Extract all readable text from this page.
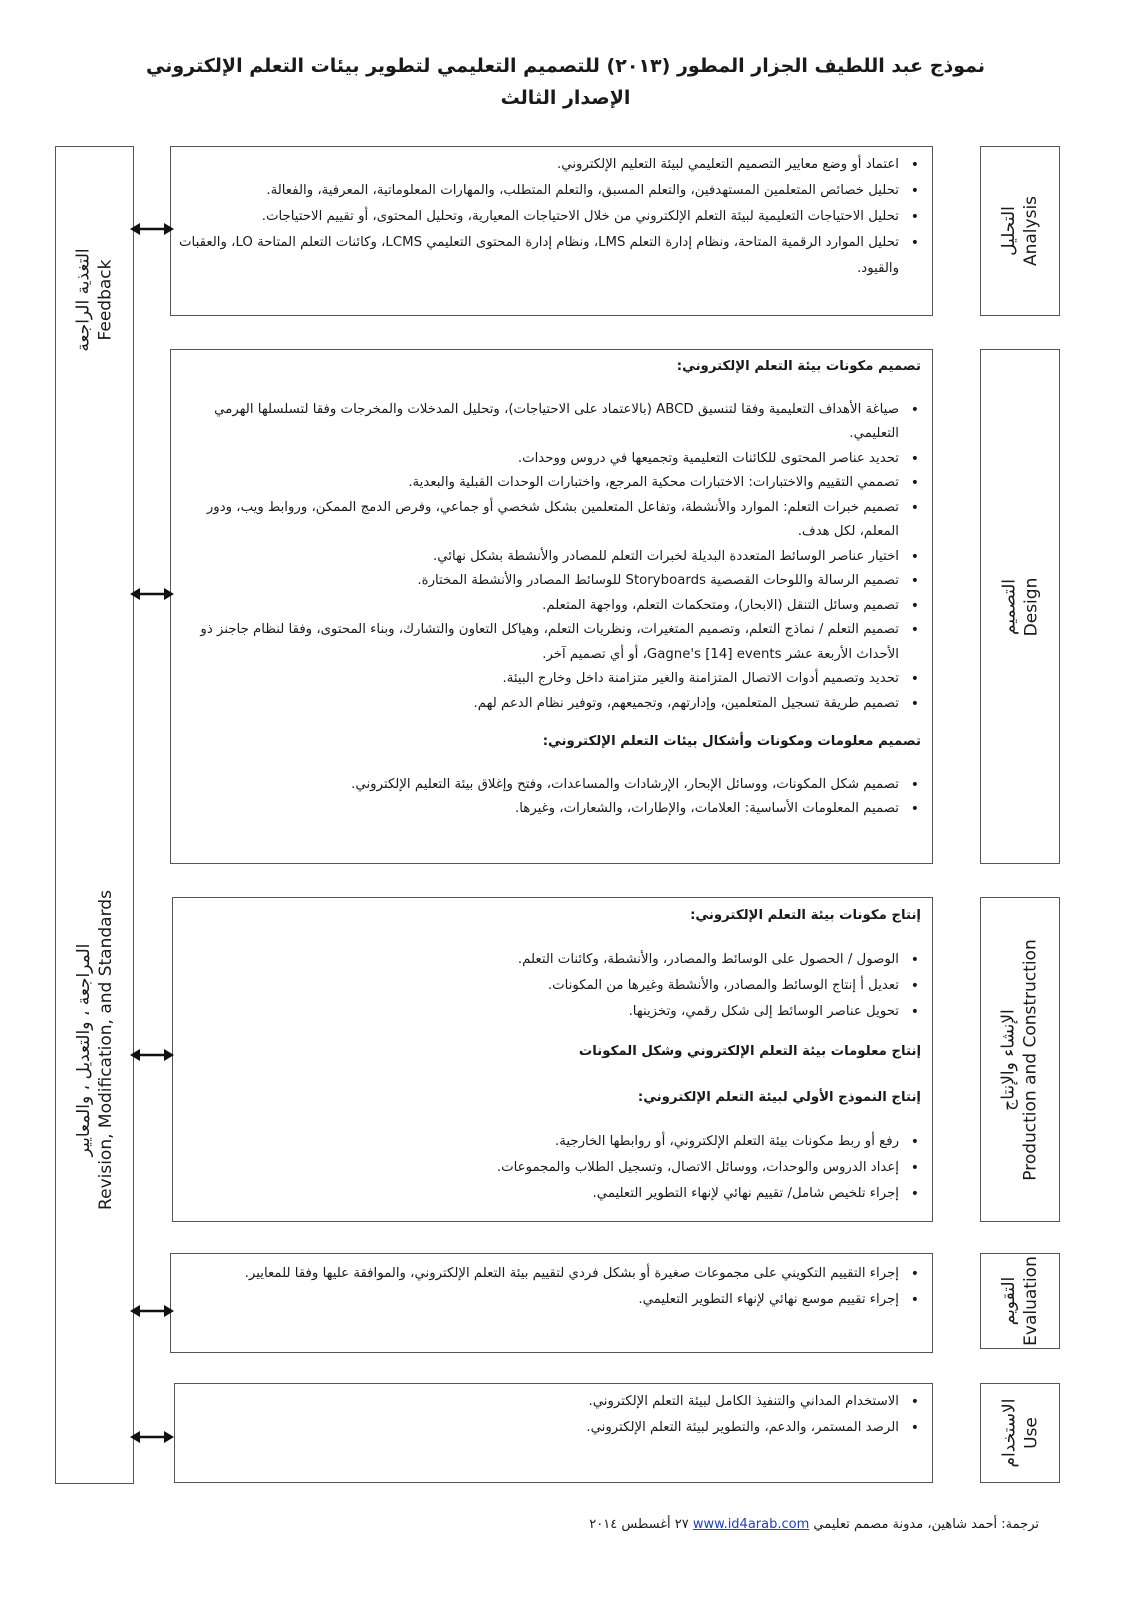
نموذج عبد اللطيف الجزار المطور (٢٠١٣) للتصميم التعليمي لتطوير بيئات التعلم الإلكتروني
الإصدار الثالث
التغذية الراجعة Feedback
المراجعة ، والتعديل ، والمعايير Revision, Modification, and Standards
• اعتماد أو وضع معايير التصميم التعليمي لبيئة التعليم الإلكتروني.
• تحليل خصائص المتعلمين المستهدفين، والتعلم المسبق، والتعلم المتطلب، والمهارات المعلوماتية، المعرفية، والفعالة.
• تحليل الاحتياجات التعليمية لبيئة التعلم الإلكتروني من خلال الاحتياجات المعيارية، وتحليل المحتوى، أو تقييم الاحتياجات.
• تحليل الموارد الرقمية المتاحة، ونظام إدارة التعلم LMS، ونظام إدارة المحتوى التعليمي LCMS، وكائنات التعلم المتاحة LO، والعقبات والقيود.
التحليل Analysis

تصميم مكونات بيئة التعلم الإلكتروني:

• صياغة الأهداف التعليمية وفقا لتنسيق ABCD (بالاعتماد على الاحتياجات)، وتحليل المدخلات والمخرجات وفقا لتسلسلها الهرمي التعليمي.
• تحديد عناصر المحتوى للكائنات التعليمية وتجميعها في دروس ووحدات.
• تصممي التقييم والاختبارات: الاختبارات محكية المرجع، واختبارات الوحدات القبلية والبعدية.
• تصميم خبرات التعلم: الموارد والأنشطة، وتفاعل المتعلمين بشكل شخصي أو جماعي، وفرص الدمج الممكن، وروابط ويب، ودور المعلم، لكل هدف.
• اختيار عناصر الوسائط المتعددة البديلة لخبرات التعلم للمصادر والأنشطة بشكل نهائي.
• تصميم الرسالة واللوحات القصصية Storyboards للوسائط المصادر والأنشطة المختارة.
• تصميم وسائل التنقل (الابحار)، ومتحكمات التعلم، وواجهة المتعلم.
• تصميم التعلم / نماذج التعلم، وتصميم المتغيرات، ونظريات التعلم، وهياكل التعاون والتشارك، وبناء المحتوى، وفقا لنظام جاجنز ذو الأحداث الأربعة عشر Gagne's [14] events، أو أي تصميم آخر.
• تحديد وتصميم أدوات الاتصال المتزامنة والغير متزامنة داخل وخارج البيئة.
• تصميم طريقة تسجيل المتعلمين، وإدارتهم، وتجميعهم، وتوفير نظام الدعم لهم.

تصميم معلومات ومكونات وأشكال بيئات التعلم الإلكتروني:

• تصميم شكل المكونات، ووسائل الإبحار، الإرشادات والمساعدات، وفتح وإغلاق بيئة التعليم الإلكتروني.
• تصميم المعلومات الأساسية: العلامات، والإطارات، والشعارات، وغيرها.
التصميم Design

إنتاج مكونات بيئة التعلم الإلكتروني:

• الوصول / الحصول على الوسائط والمصادر، والأنشطة، وكائنات التعلم.
• تعديل أ إنتاج الوسائط والمصادر، والأنشطة وغيرها من المكونات.
• تحويل عناصر الوسائط إلى شكل رقمي، وتخزينها.

إنتاج معلومات بيئة التعلم الإلكتروني وشكل المكونات

إنتاج النموذج الأولي لبيئة التعلم الإلكتروني:

• رفع أو ربط مكونات بيئة التعلم الإلكتروني، أو روابطها الخارجية.
• إعداد الدروس والوحدات، ووسائل الاتصال، وتسجيل الطلاب والمجموعات.
• إجراء تلخيص شامل/ تقييم نهائي لإنهاء التطوير التعليمي.
الإنشاء والإنتاج Production and Construction
• إجراء التقييم التكويني على مجموعات صغيرة أو بشكل فردي لتقييم بيئة التعلم الإلكتروني، والموافقة عليها وفقا للمعايير.
• إجراء تقييم موسع نهائي لإنهاء التطوير التعليمي.	التقويم Evaluation
• الاستخدام المداني والتنفيذ الكامل لبيئة التعلم الإلكتروني.
• الرصد المستمر، والدعم، والتطوير لبيئة التعلم الإلكتروني.	الاستخدام Use
ترجمة: أحمد شاهين، مدونة مصمم تعليمي www.id4arab.com ٢٧ أغسطس ٢٠١٤
